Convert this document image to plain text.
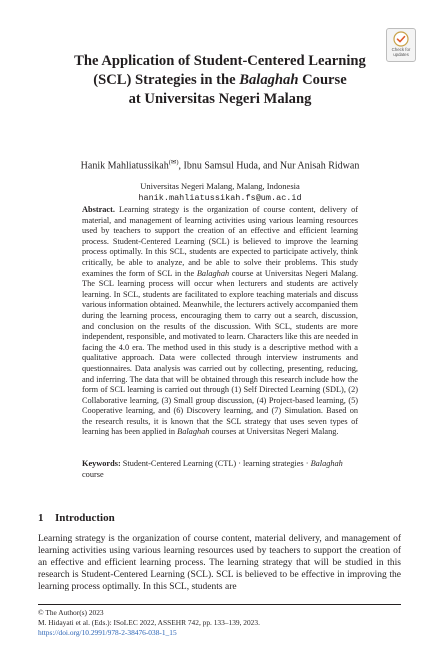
Check for
updates
The Application of Student-Centered Learning
(SCL) Strategies in the Balaghah Course
at Universitas Negeri Malang

Hanik Mahliatussikah(✉), Ibnu Samsul Huda, and Nur Anisah Ridwan

Universitas Negeri Malang, Malang, Indonesia
hanik.mahliatussikah.fs@um.ac.id

Abstract. Learning strategy is the organization of course content, delivery of material, and management of learning activities using various learning resources used by teachers to support the creation of an effective and efficient learning process. Student-Centered Learning (SCL) is believed to improve the learning process optimally. In this SCL, students are expected to participate actively, think critically, be able to analyze, and be able to solve their problems. This study examines the form of SCL in the Balaghah course at Universitas Negeri Malang. The SCL learning process will occur when lecturers and students are actively learning. In SCL, students are facilitated to explore teaching materials and discuss various information obtained. Meanwhile, the lecturers actively accompanied them during the learning process, encouraging them to carry out a search, discussion, and conclusion on the results of the discussion. With SCL, students are more independent, responsible, and motivated to learn. Characters like this are needed in facing the 4.0 era. The method used in this study is a descriptive method with a qualitative approach. Data were collected through interview instruments and questionnaires. Data analysis was carried out by collecting, presenting, reducing, and inferring. The data that will be obtained through this research include how the form of SCL learning is carried out through (1) Self Directed Learning (SDL), (2) Collaborative learning, (3) Small group discussion, (4) Project-based learning, (5) Cooperative learning, and (6) Discovery learning, and (7) Simulation. Based on the research results, it is known that the SCL strategy that uses seven types of learning has been applied in Balaghah courses at Universitas Negeri Malang.

Keywords: Student-Centered Learning (CTL) · learning strategies · Balaghah course

1 Introduction

Learning strategy is the organization of course content, material delivery, and management of learning activities using various learning resources used by teachers to support the creation of an effective and efficient learning process. The learning strategy that will be studied in this research is Student-Centered Learning (SCL). SCL is believed to be effective in improving the learning process optimally. In this SCL, students are

© The Author(s) 2023
M. Hidayati et al. (Eds.): ISoLEC 2022, ASSEHR 742, pp. 133–139, 2023.
https://doi.org/10.2991/978-2-38476-038-1_15
